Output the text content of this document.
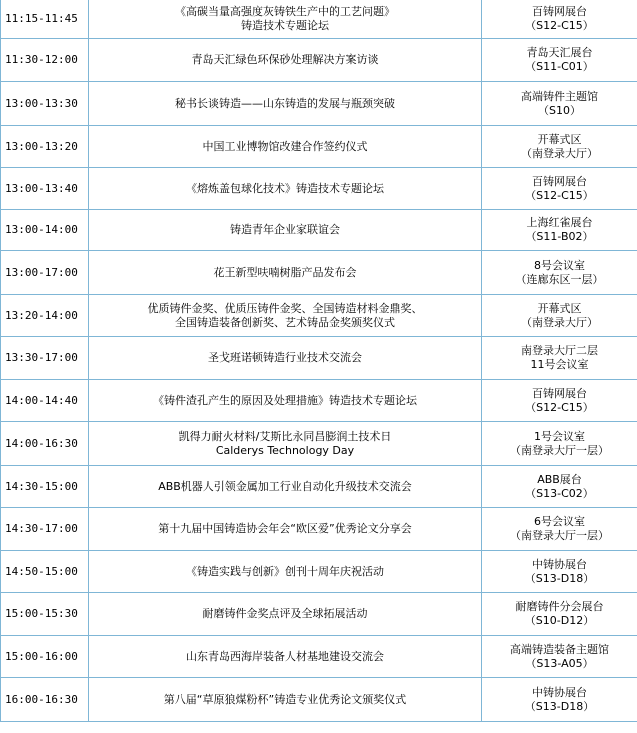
11:15-11:45	《高碳当量高强度灰铸铁生产中的工艺问题》
铸造技术专题论坛	百铸网展台
（S12-C15）

11:30-12:00	青岛天汇绿色环保砂处理解决方案访谈	青岛天汇展台
（S11-C01）

13:00-13:30	秘书长谈铸造——山东铸造的发展与瓶颈突破	高端铸件主题馆
（S10）

13:00-13:20	中国工业博物馆改建合作签约仪式	开幕式区
（南登录大厅）

13:00-13:40	《熔炼盖包球化技术》铸造技术专题论坛	百铸网展台
（S12-C15）

13:00-14:00	铸造青年企业家联谊会	上海红雀展台
（S11-B02）

13:00-17:00	花王新型呋喃树脂产品发布会	8号会议室
（连廊东区一层）

13:20-14:00	优质铸件金奖、优质压铸件金奖、全国铸造材料金鼎奖、
全国铸造装备创新奖、艺术铸品金奖颁奖仪式	开幕式区
（南登录大厅）

13:30-17:00	圣戈班诺顿铸造行业技术交流会	南登录大厅二层
11号会议室

14:00-14:40	《铸件渣孔产生的原因及处理措施》铸造技术专题论坛	百铸网展台
（S12-C15）

14:00-16:30	凯得力耐火材料/艾斯比永同昌膨润土技术日
Calderys Technology Day	1号会议室
（南登录大厅一层）

14:30-15:00	ABB机器人引领金属加工行业自动化升级技术交流会	ABB展台
（S13-C02）

14:30-17:00	第十九届中国铸造协会年会“欧区爱”优秀论文分享会	6号会议室
（南登录大厅一层）

14:50-15:00	《铸造实践与创新》创刊十周年庆祝活动	中铸协展台
（S13-D18）

15:00-15:30	耐磨铸件金奖点评及全球拓展活动	耐磨铸件分会展台
（S10-D12）

15:00-16:00	山东青岛西海岸装备人材基地建设交流会	高端铸造装备主题馆
（S13-A05）

16:00-16:30	第八届“草原狼煤粉杯”铸造专业优秀论文颁奖仪式	中铸协展台
（S13-D18）
